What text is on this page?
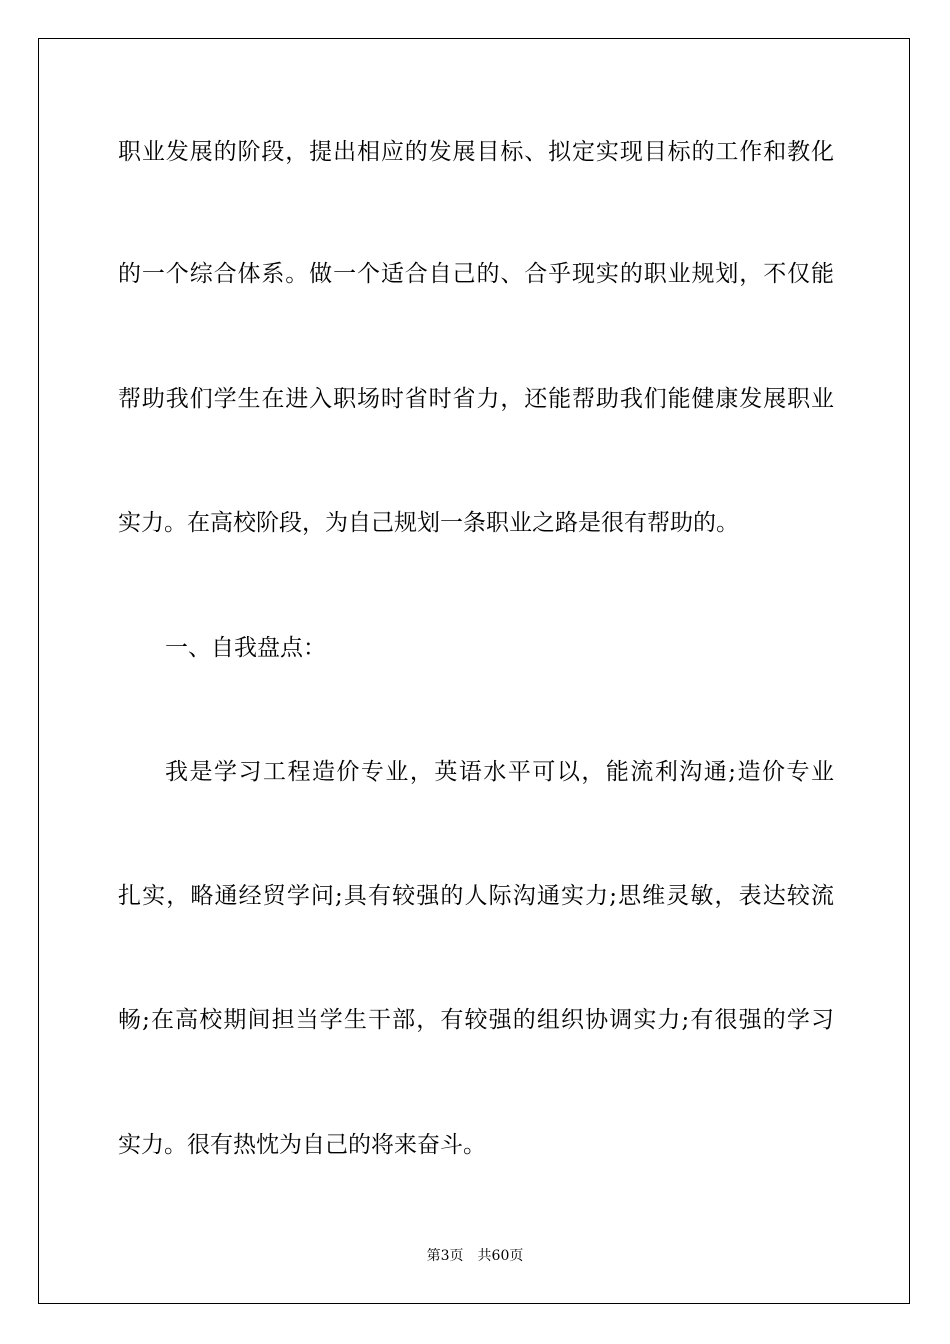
职业发展的阶段，提出相应的发展目标、拟定实现目标的工作和教化

的一个综合体系。做一个适合自己的、合乎现实的职业规划，不仅能

帮助我们学生在进入职场时省时省力，还能帮助我们能健康发展职业

实力。在高校阶段，为自己规划一条职业之路是很有帮助的。

一、自我盘点：

我是学习工程造价专业，英语水平可以，能流利沟通;造价专业

扎实，略通经贸学问;具有较强的人际沟通实力;思维灵敏，表达较流

畅;在高校期间担当学生干部，有较强的组织协调实力;有很强的学习

实力。很有热忱为自己的将来奋斗。

第3页 共60页
